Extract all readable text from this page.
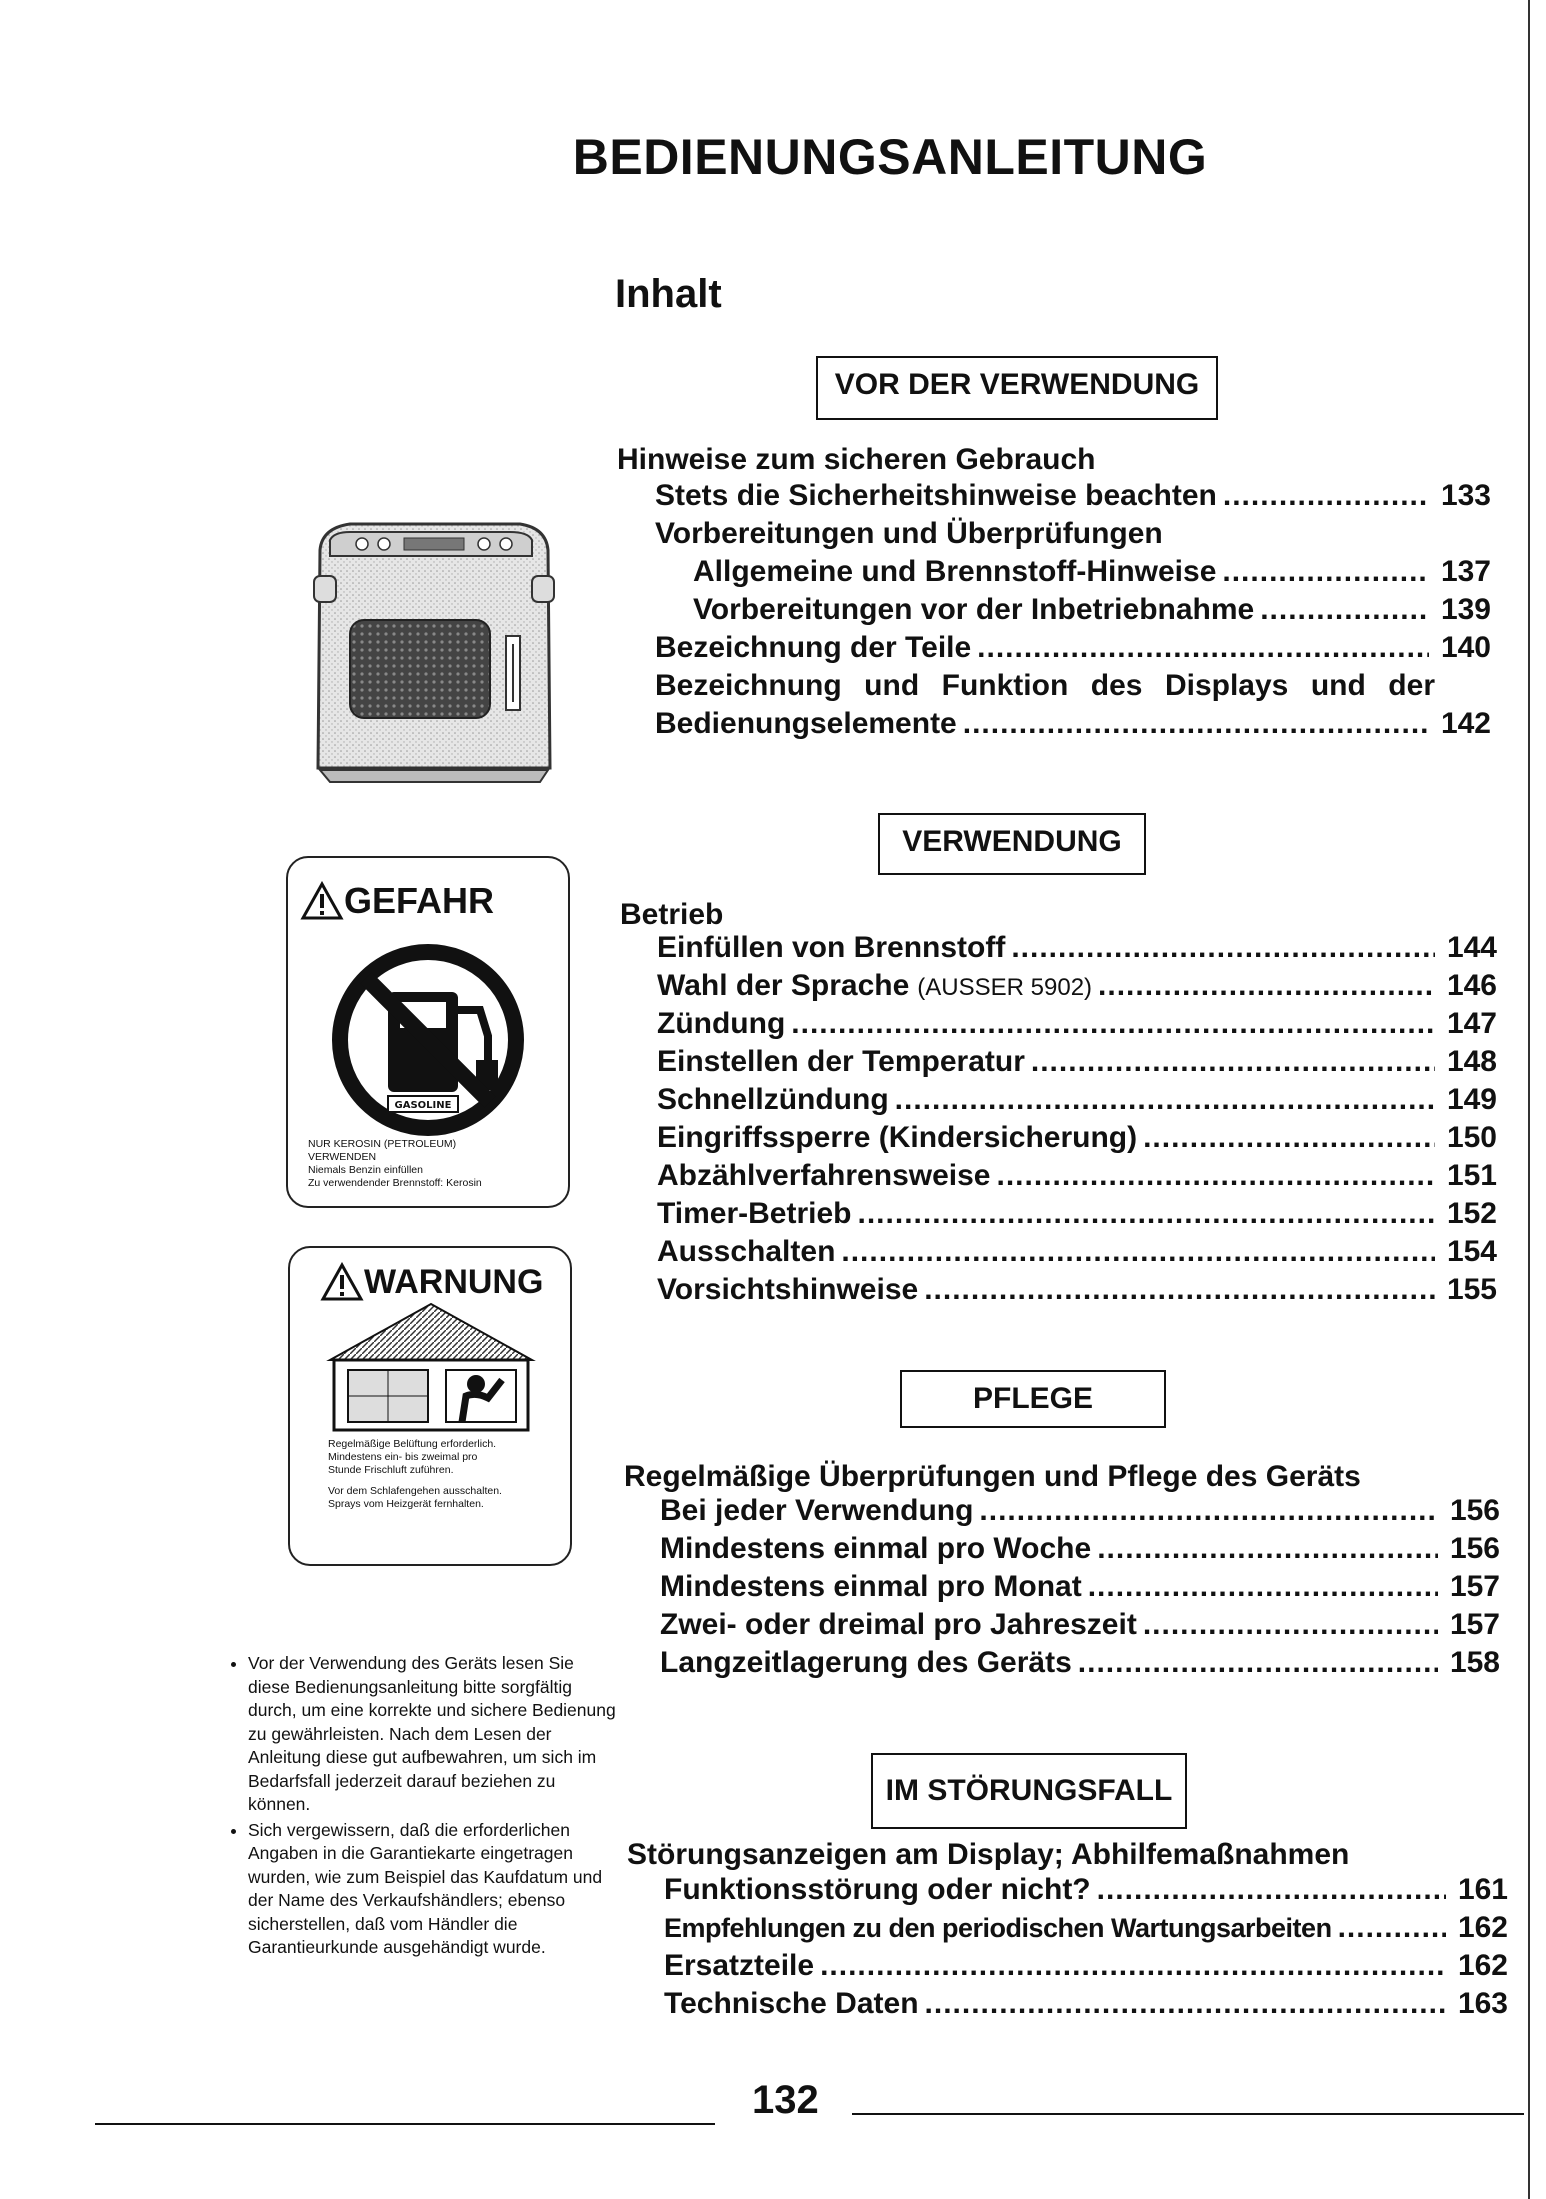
BEDIENUNGSANLEITUNG
Inhalt
VOR DER VERWENDUNG
Hinweise zum sicheren Gebrauch
Stets die Sicherheitshinweise beachten .....	133
Vorbereitungen und Überprüfungen
Allgemeine und Brennstoff-Hinweise .....	137
Vorbereitungen vor der Inbetriebnahme .....	139
Bezeichnung der Teile .....	140
Bezeichnung und Funktion des Displays und der
Bedienungselemente .....	142
VERWENDUNG
Betrieb
Einfüllen von Brennstoff .....	144
Wahl der Sprache (AUSSER 5902) .....	146
Zündung .....	147
Einstellen der Temperatur .....	148
Schnellzündung .....	149
Eingriffssperre (Kindersicherung) .....	150
Abzählverfahrensweise .....	151
Timer-Betrieb .....	152
Ausschalten .....	154
Vorsichtshinweise .....	155
PFLEGE
Regelmäßige Überprüfungen und Pflege des Geräts
Bei jeder Verwendung .....	156
Mindestens einmal pro Woche .....	156
Mindestens einmal pro Monat .....	157
Zwei- oder dreimal pro Jahreszeit .....	157
Langzeitlagerung des Geräts .....	158
IM STÖRUNGSFALL
Störungsanzeigen am Display; Abhilfemaßnahmen
Funktionsstörung oder nicht? .....	161
Empfehlungen zu den periodischen Wartungsarbeiten .....	162
Ersatzteile .....	162
Technische Daten .....	163
GEFAHR
GASOLINE
NUR KEROSIN (PETROLEUM)
VERWENDEN
Niemals Benzin einfüllen
Zu verwendender Brennstoff: Kerosin
WARNUNG
Regelmäßige Belüftung erforderlich.
Mindestens ein- bis zweimal pro
Stunde Frischluft zuführen.
Vor dem Schlafengehen ausschalten.
Sprays vom Heizgerät fernhalten.
• Vor der Verwendung des Geräts lesen Sie diese Bedienungsanleitung bitte sorgfältig durch, um eine korrekte und sichere Bedienung zu gewährleisten. Nach dem Lesen der Anleitung diese gut aufbewahren, um sich im Bedarfsfall jederzeit darauf beziehen zu können.
• Sich vergewissern, daß die erforderlichen Angaben in die Garantiekarte eingetragen wurden, wie zum Beispiel das Kaufdatum und der Name des Verkaufshändlers; ebenso sicherstellen, daß vom Händler die Garantieurkunde ausgehändigt wurde.
132
